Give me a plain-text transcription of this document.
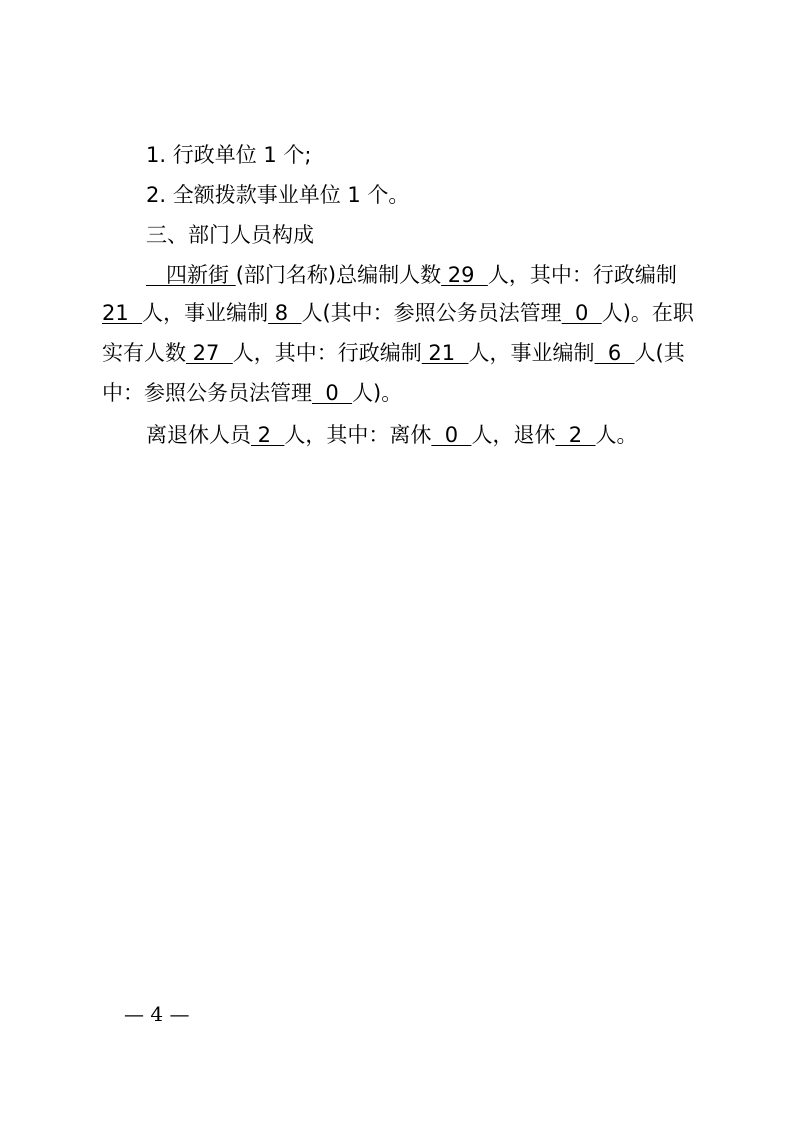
1. 行政单位 1 个;
2. 全额拨款事业单位 1 个。
三、部门人员构成
四新街 (部门名称)总编制人数 29  人，其中：行政编制
21  人，事业编制 8  人(其中：参照公务员法管理  0  人)。在职
实有人数 27  人，其中：行政编制 21  人，事业编制  6  人(其
中：参照公务员法管理  0  人)。
离退休人员 2  人，其中：离休  0  人，退休  2  人。
— 4 —
